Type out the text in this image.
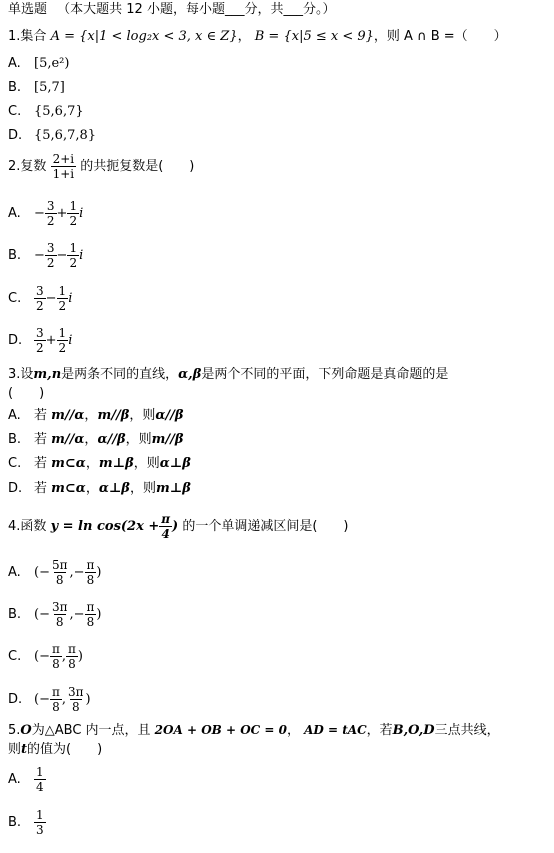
单选题 （本大题共 12 小题，每小题___分，共___分。）
1.集合 A = {x|1 < log₂x < 3, x ∈ Z}， B = {x|5 ≤ x < 9}，则 A ∩ B =（　　）
A. [5,e²)
B. [5,7]
C. {5,6,7}
D. {5,6,7,8}
2.复数 $\frac{2+i}{1+i}$ 的共扼复数是(　　)
A. − $\frac{3}{2} + \frac{1}{2}$ i
B. − $\frac{3}{2} - \frac{1}{2}$ i
C. $\frac{3}{2} - \frac{1}{2}$ i
D. $\frac{3}{2} + \frac{1}{2}$ i
3.设m,n是两条不同的直线，α,β是两个不同的平面，下列命题是真命题的是
(　　)
A. 若 m//α，m//β，则α//β
B. 若 m//α，α//β，则m//β
C. 若 m⊂α，m⊥β，则α⊥β
D. 若 m⊂α，α⊥β，则m⊥β
4.函数 $y = \ln \cos(2x + \frac{\pi}{4}$ ) 的一个单调递减区间是(　　)
A. (− $\frac{5\pi}{8}$ ,− $\frac{\pi}{8}$ )
B. (− $\frac{3\pi}{8}$ ,− $\frac{\pi}{8}$ )
C. (− $\frac{\pi}{8}$ , $\frac{\pi}{8}$ )
D. (− $\frac{\pi}{8}$ , $\frac{3\pi}{8}$ )
5.O为△ABC 内一点，且 2OA + OB + OC = 0， AD = tAC，若B,O,D三点共线，
则t的值为(　　)
A. $\frac{1}{4}$
B. $\frac{1}{3}$
